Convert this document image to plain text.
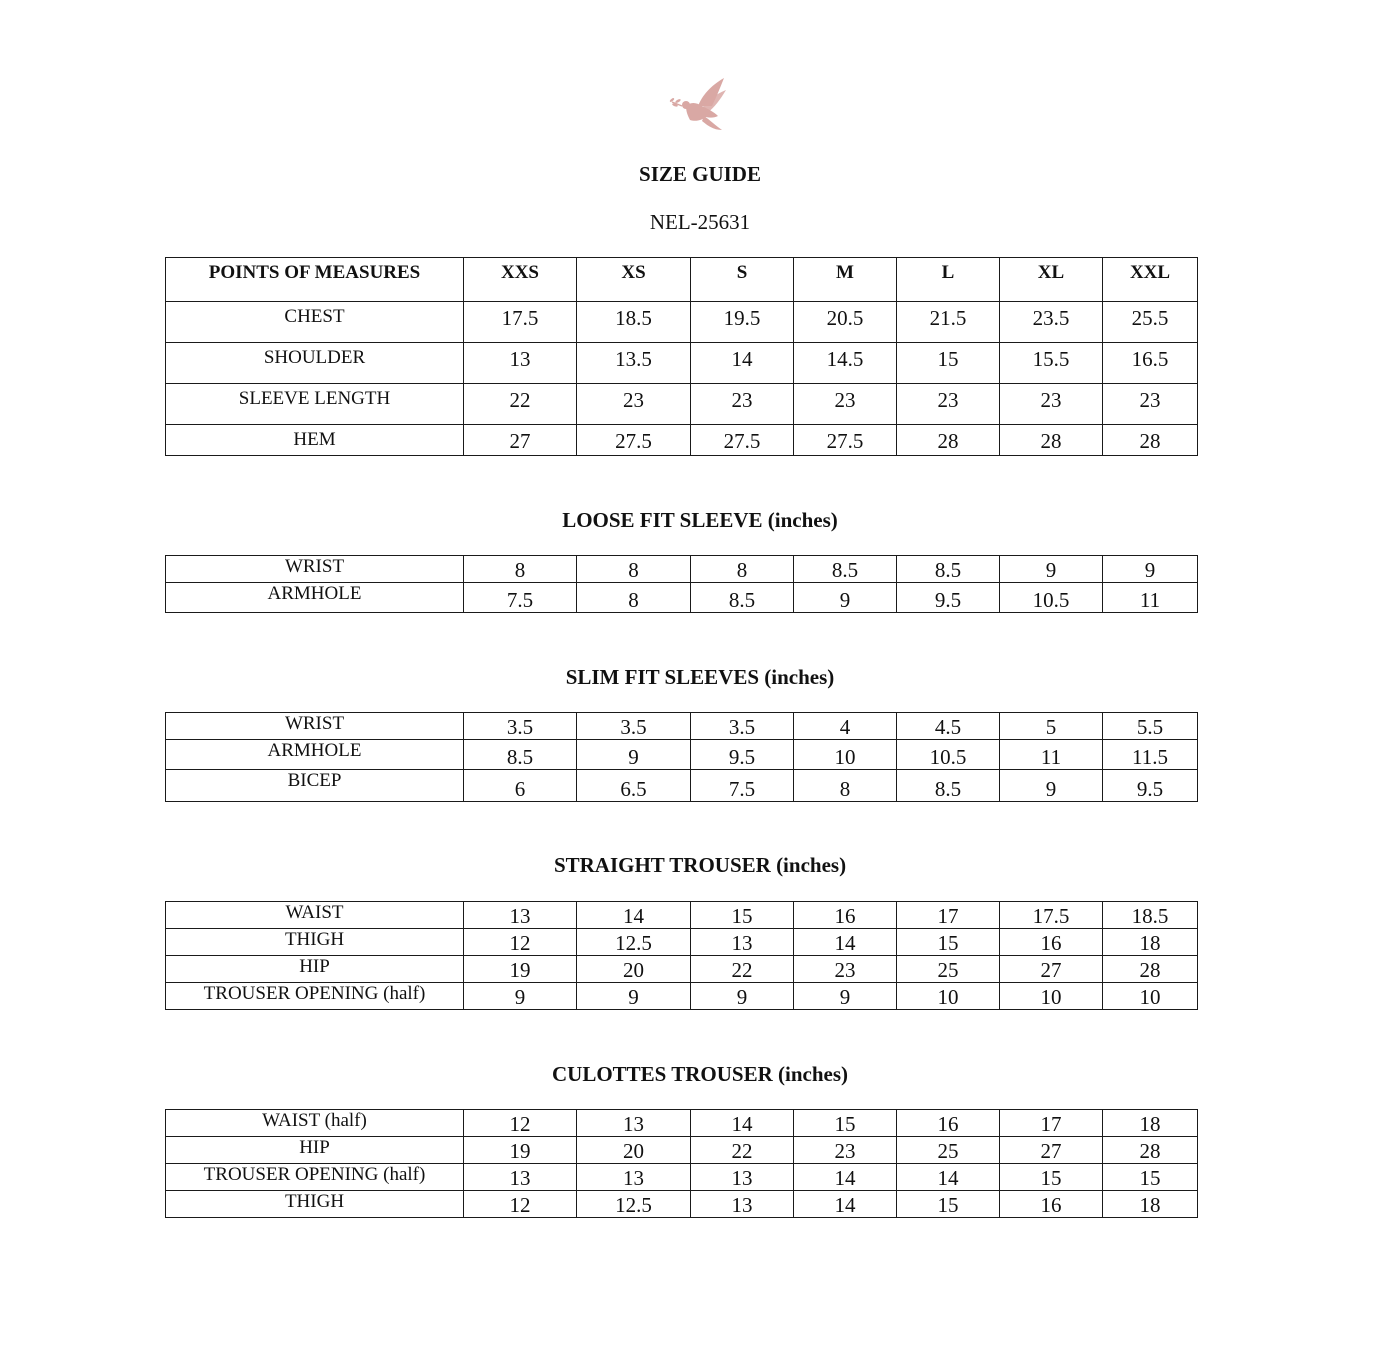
SIZE GUIDE
NEL-25631
POINTS OF MEASURES	XXS	XS	S	M	L	XL	XXL
CHEST	17.5	18.5	19.5	20.5	21.5	23.5	25.5
SHOULDER	13	13.5	14	14.5	15	15.5	16.5
SLEEVE LENGTH	22	23	23	23	23	23	23
HEM	27	27.5	27.5	27.5	28	28	28
LOOSE FIT SLEEVE (inches)
WRIST	8	8	8	8.5	8.5	9	9
ARMHOLE	7.5	8	8.5	9	9.5	10.5	11
SLIM FIT SLEEVES (inches)
WRIST	3.5	3.5	3.5	4	4.5	5	5.5
ARMHOLE	8.5	9	9.5	10	10.5	11	11.5
BICEP	6	6.5	7.5	8	8.5	9	9.5
STRAIGHT TROUSER (inches)
WAIST	13	14	15	16	17	17.5	18.5
THIGH	12	12.5	13	14	15	16	18
HIP	19	20	22	23	25	27	28
TROUSER OPENING (half)	9	9	9	9	10	10	10
CULOTTES TROUSER (inches)
WAIST (half)	12	13	14	15	16	17	18
HIP	19	20	22	23	25	27	28
TROUSER OPENING (half)	13	13	13	14	14	15	15
THIGH	12	12.5	13	14	15	16	18
